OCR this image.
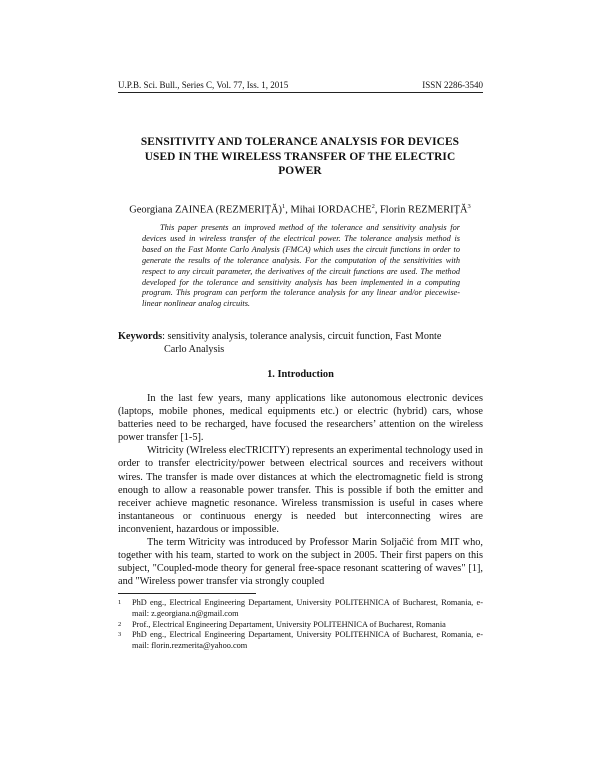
U.P.B. Sci. Bull., Series C, Vol. 77, Iss. 1, 2015	ISSN 2286-3540
SENSITIVITY AND TOLERANCE ANALYSIS FOR DEVICES
USED IN THE WIRELESS TRANSFER OF THE ELECTRIC
POWER
Georgiana ZAINEA (REZMERIȚĂ)$^1$, Mihai IORDACHE$^2$, Florin REZMERIȚĂ$^3$
This paper presents an improved method of the tolerance and sensitivity analysis for devices used in wireless transfer of the electrical power. The tolerance analysis method is based on the Fast Monte Carlo Analysis (FMCA) which uses the circuit functions in order to generate the results of the tolerance analysis. For the computation of the sensitivities with respect to any circuit parameter, the derivatives of the circuit functions are used. The method developed for the tolerance and sensitivity analysis has been implemented in a computing program. This program can perform the tolerance analysis for any linear and/or piecewise-linear nonlinear analog circuits.
Keywords: sensitivity analysis, tolerance analysis, circuit function, Fast Monte
Carlo Analysis
1. Introduction

In the last few years, many applications like autonomous electronic devices (laptops, mobile phones, medical equipments etc.) or electric (hybrid) cars, whose batteries need to be recharged, have focused the researchers’ attention on the wireless power transfer [1-5].

Witricity (WIreless elecTRICITY) represents an experimental technology used in order to transfer electricity/power between electrical sources and receivers without wires. The transfer is made over distances at which the electromagnetic field is strong enough to allow a reasonable power transfer. This is possible if both the emitter and receiver achieve magnetic resonance. Wireless transmission is useful in cases where instantaneous or continuous energy is needed but interconnecting wires are inconvenient, hazardous or impossible.

The term Witricity was introduced by Professor Marin Soljačić from MIT who, together with his team, started to work on the subject in 2005. Their first papers on this subject, "Coupled-mode theory for general free-space resonant scattering of waves" [1], and "Wireless power transfer via strongly coupled

1	PhD eng., Electrical Engineering Departament, University POLITEHNICA of Bucharest, Romania, e-mail: z.georgiana.n@gmail.com
2	Prof., Electrical Engineering Departament, University POLITEHNICA of Bucharest, Romania
3	PhD eng., Electrical Engineering Departament, University POLITEHNICA of Bucharest, Romania, e-mail: florin.rezmerita@yahoo.com
